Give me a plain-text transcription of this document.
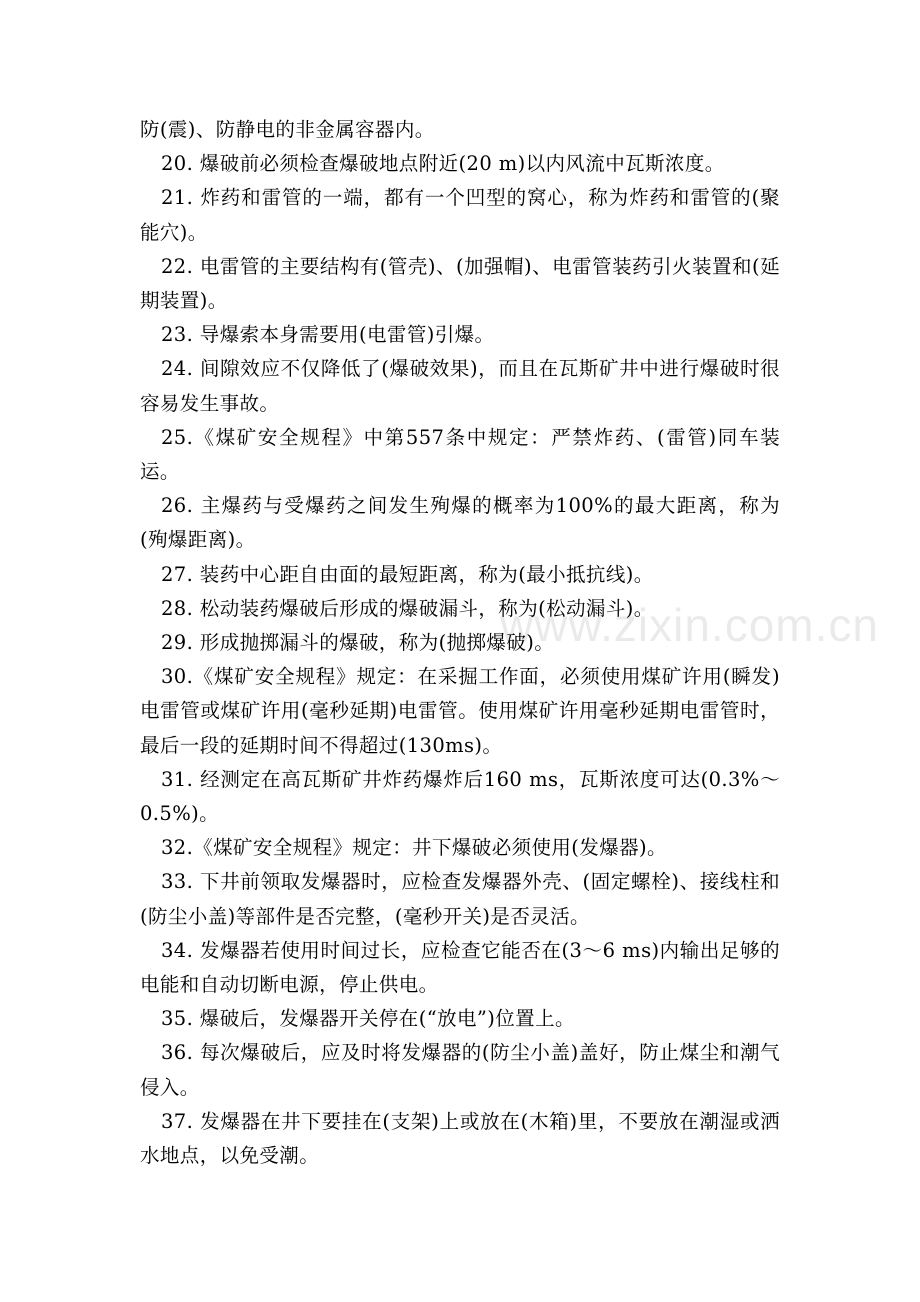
防(震)、防静电的非金属容器内。

20. 爆破前必须检查爆破地点附近(20 m)以内风流中瓦斯浓度。

21. 炸药和雷管的一端，都有一个凹型的窝心，称为炸药和雷管的(聚能穴)。

22. 电雷管的主要结构有(管壳)、(加强帽)、电雷管装药引火装置和(延期装置)。

23. 导爆索本身需要用(电雷管)引爆。

24. 间隙效应不仅降低了(爆破效果)，而且在瓦斯矿井中进行爆破时很容易发生事故。

25.《煤矿安全规程》中第557条中规定：严禁炸药、(雷管)同车装运。

26. 主爆药与受爆药之间发生殉爆的概率为100%的最大距离，称为(殉爆距离)。

27. 装药中心距自由面的最短距离，称为(最小抵抗线)。

28. 松动装药爆破后形成的爆破漏斗，称为(松动漏斗)。

29. 形成抛掷漏斗的爆破，称为(抛掷爆破)。

30.《煤矿安全规程》规定：在采掘工作面，必须使用煤矿许用(瞬发)电雷管或煤矿许用(毫秒延期)电雷管。使用煤矿许用毫秒延期电雷管时，最后一段的延期时间不得超过(130ms)。

31. 经测定在高瓦斯矿井炸药爆炸后160 ms，瓦斯浓度可达(0.3%～0.5%)。

32.《煤矿安全规程》规定：井下爆破必须使用(发爆器)。

33. 下井前领取发爆器时，应检查发爆器外壳、(固定螺栓)、接线柱和(防尘小盖)等部件是否完整，(毫秒开关)是否灵活。

34. 发爆器若使用时间过长，应检查它能否在(3～6 ms)内输出足够的电能和自动切断电源，停止供电。

35. 爆破后，发爆器开关停在(“放电”)位置上。

36. 每次爆破后，应及时将发爆器的(防尘小盖)盖好，防止煤尘和潮气侵入。

37. 发爆器在井下要挂在(支架)上或放在(木箱)里，不要放在潮湿或洒水地点，以免受潮。

www.zixin.com.cn
